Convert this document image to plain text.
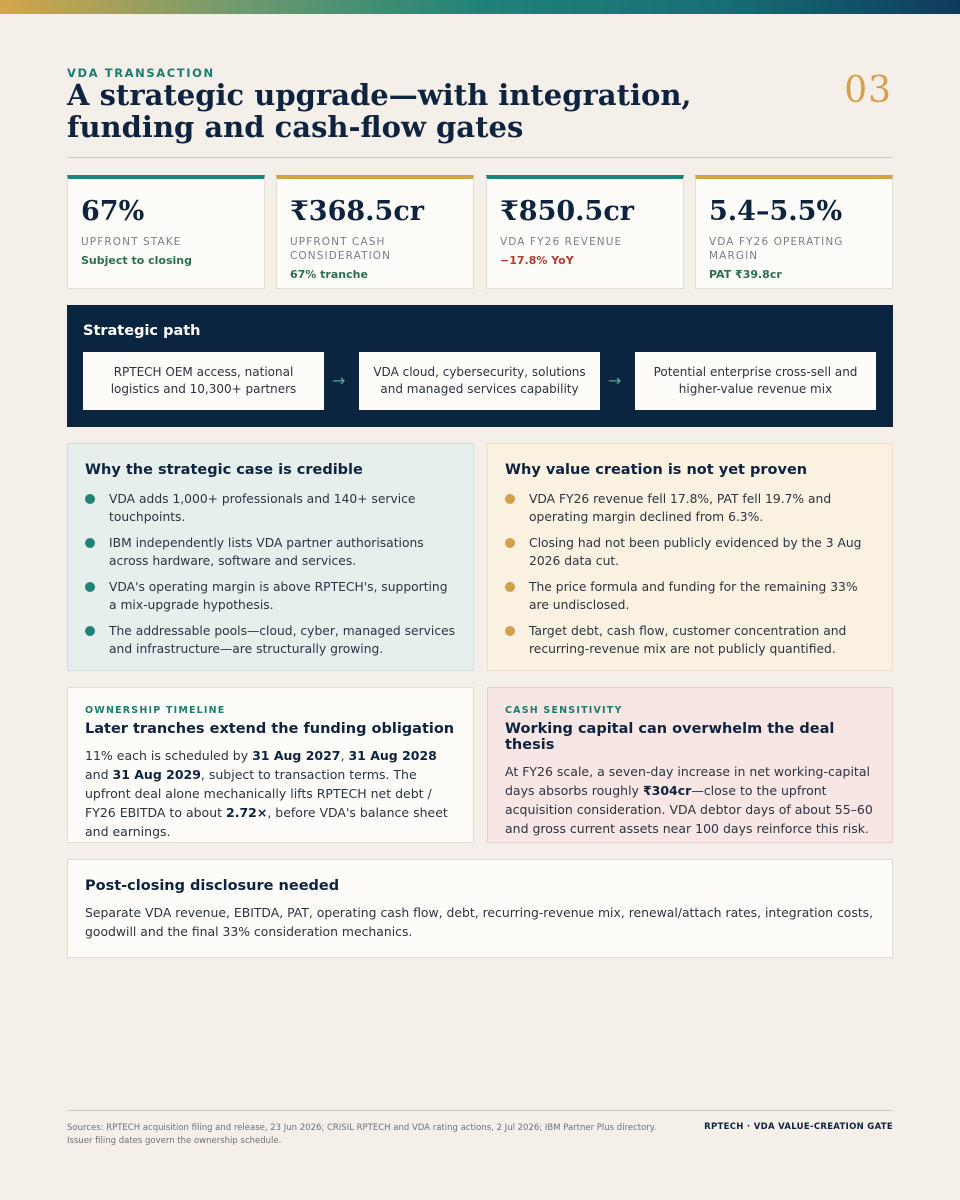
VDA TRANSACTION
A strategic upgrade—with integration, funding and cash-flow gates
03
67%
UPFRONT STAKE
Subject to closing
₹368.5cr
UPFRONT CASH CONSIDERATION
67% tranche
₹850.5cr
VDA FY26 REVENUE
−17.8% YoY
5.4–5.5%
VDA FY26 OPERATING MARGIN
PAT ₹39.8cr
Strategic path
RPTECH OEM access, national logistics and 10,300+ partners	→	VDA cloud, cybersecurity, solutions and managed services capability	→	Potential enterprise cross-sell and higher-value revenue mix
Why the strategic case is credible
VDA adds 1,000+ professionals and 140+ service touchpoints.
IBM independently lists VDA partner authorisations across hardware, software and services.
VDA's operating margin is above RPTECH's, supporting a mix-upgrade hypothesis.
The addressable pools—cloud, cyber, managed services and infrastructure—are structurally growing.
Why value creation is not yet proven
VDA FY26 revenue fell 17.8%, PAT fell 19.7% and operating margin declined from 6.3%.
Closing had not been publicly evidenced by the 3 Aug 2026 data cut.
The price formula and funding for the remaining 33% are undisclosed.
Target debt, cash flow, customer concentration and recurring-revenue mix are not publicly quantified.
OWNERSHIP TIMELINE
Later tranches extend the funding obligation
11% each is scheduled by 31 Aug 2027, 31 Aug 2028 and 31 Aug 2029, subject to transaction terms. The upfront deal alone mechanically lifts RPTECH net debt / FY26 EBITDA to about 2.72×, before VDA's balance sheet and earnings.
CASH SENSITIVITY
Working capital can overwhelm the deal thesis
At FY26 scale, a seven-day increase in net working-capital days absorbs roughly ₹304cr—close to the upfront acquisition consideration. VDA debtor days of about 55–60 and gross current assets near 100 days reinforce this risk.
Post-closing disclosure needed
Separate VDA revenue, EBITDA, PAT, operating cash flow, debt, recurring-revenue mix, renewal/attach rates, integration costs, goodwill and the final 33% consideration mechanics.
Sources: RPTECH acquisition filing and release, 23 Jun 2026; CRISIL RPTECH and VDA rating actions, 2 Jul 2026; IBM Partner Plus directory. Issuer filing dates govern the ownership schedule.
RPTECH · VDA VALUE-CREATION GATE
